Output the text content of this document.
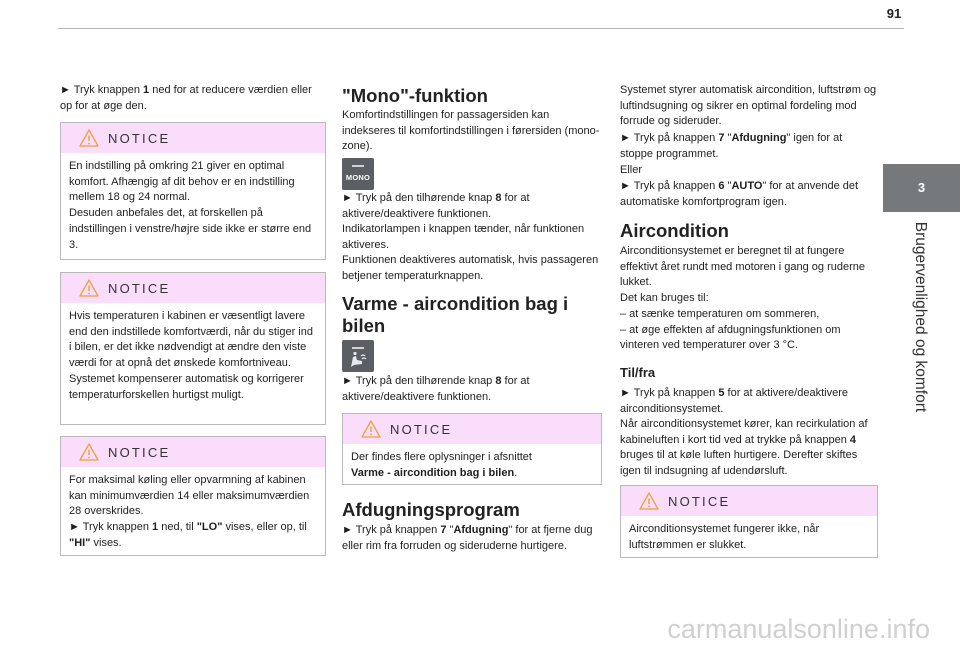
91
3
Brugervenlighed og komfort
► Tryk knappen 1 ned for at reducere værdien eller op for at øge den.
NOTICE
En indstilling på omkring 21 giver en optimal komfort. Afhængig af dit behov er en indstilling mellem 18 og 24 normal.
Desuden anbefales det, at forskellen på indstillingen i venstre/højre side ikke er større end 3.
NOTICE
Hvis temperaturen i kabinen er væsentligt lavere end den indstillede komfortværdi, når du stiger ind i bilen, er det ikke nødvendigt at ændre den viste værdi for at opnå det ønskede komfortniveau. Systemet kompenserer automatisk og korrigerer temperaturforskellen hurtigst muligt.
NOTICE
For maksimal køling eller opvarmning af kabinen kan minimumværdien 14 eller maksimumværdien 28 overskrides.
► Tryk knappen 1 ned, til "LO" vises, eller op, til "HI" vises.
"Mono"-funktion
Komfortindstillingen for passagersiden kan indekseres til komfortindstillingen i førersiden (mono-zone).
MONO
► Tryk på den tilhørende knap 8 for at aktivere/deaktivere funktionen.
Indikatorlampen i knappen tænder, når funktionen aktiveres.
Funktionen deaktiveres automatisk, hvis passageren betjener temperaturknappen.
Varme - aircondition bag i bilen
► Tryk på den tilhørende knap 8 for at aktivere/deaktivere funktionen.
NOTICE
Der findes flere oplysninger i afsnittet
Varme - aircondition bag i bilen.
Afdugningsprogram
► Tryk på knappen 7 "Afdugning" for at fjerne dug eller rim fra forruden og sideruderne hurtigere.
Systemet styrer automatisk aircondition, luftstrøm og luftindsugning og sikrer en optimal fordeling mod forrude og sideruder.
► Tryk på knappen 7 "Afdugning" igen for at stoppe programmet.
Eller
► Tryk på knappen 6 "AUTO" for at anvende det automatiske komfortprogram igen.
Aircondition
Airconditionsystemet er beregnet til at fungere effektivt året rundt med motoren i gang og ruderne lukket.
Det kan bruges til:
– at sænke temperaturen om sommeren,
– at øge effekten af afdugningsfunktionen om vinteren ved temperaturer over 3 °C.
Til/fra
► Tryk på knappen 5 for at aktivere/deaktivere airconditionsystemet.
Når airconditionsystemet kører, kan recirkulation af kabineluften i kort tid ved at trykke på knappen 4 bruges til at køle luften hurtigere. Derefter skiftes igen til indsugning af udendørsluft.
NOTICE
Airconditionsystemet fungerer ikke, når luftstrømmen er slukket.
carmanualsonline.info
